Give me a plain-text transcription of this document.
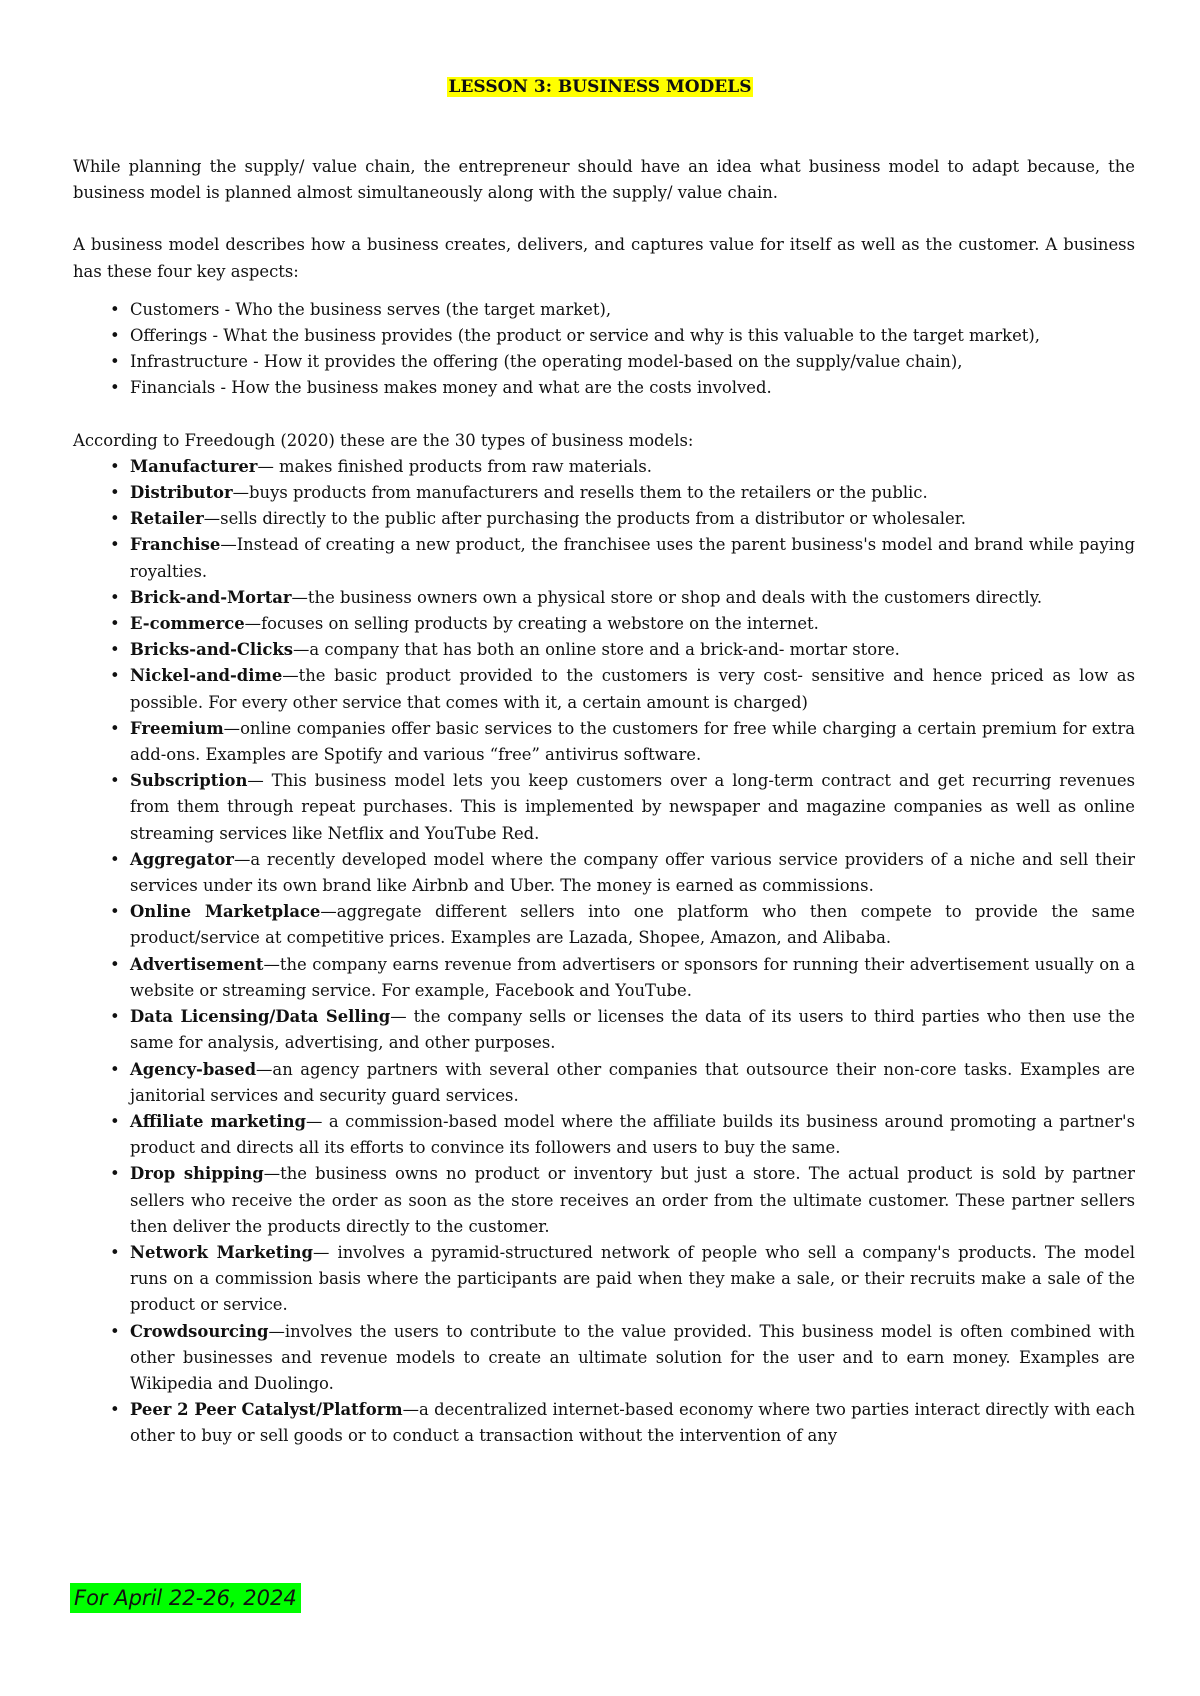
LESSON 3: BUSINESS MODELS

While planning the supply/ value chain, the entrepreneur should have an idea what business model to adapt because, the business model is planned almost simultaneously along with the supply/ value chain.

A business model describes how a business creates, delivers, and captures value for itself as well as the customer. A business has these four key aspects:

• Customers - Who the business serves (the target market),
• Offerings - What the business provides (the product or service and why is this valuable to the target market),
• Infrastructure - How it provides the offering (the operating model-based on the supply/value chain),
• Financials - How the business makes money and what are the costs involved.

According to Freedough (2020) these are the 30 types of business models:

• Manufacturer— makes finished products from raw materials.
• Distributor—buys products from manufacturers and resells them to the retailers or the public.
• Retailer—sells directly to the public after purchasing the products from a distributor or wholesaler.
• Franchise—Instead of creating a new product, the franchisee uses the parent business's model and brand while paying royalties.
• Brick-and-Mortar—the business owners own a physical store or shop and deals with the customers directly.
• E-commerce—focuses on selling products by creating a webstore on the internet.
• Bricks-and-Clicks—a company that has both an online store and a brick-and- mortar store.
• Nickel-and-dime—the basic product provided to the customers is very cost- sensitive and hence priced as low as possible. For every other service that comes with it, a certain amount is charged)
• Freemium—online companies offer basic services to the customers for free while charging a certain premium for extra add-ons. Examples are Spotify and various “free” antivirus software.
• Subscription— This business model lets you keep customers over a long-term contract and get recurring revenues from them through repeat purchases. This is implemented by newspaper and magazine companies as well as online streaming services like Netflix and YouTube Red.
• Aggregator—a recently developed model where the company offer various service providers of a niche and sell their services under its own brand like Airbnb and Uber. The money is earned as commissions.
• Online Marketplace—aggregate different sellers into one platform who then compete to provide the same product/service at competitive prices. Examples are Lazada, Shopee, Amazon, and Alibaba.
• Advertisement—the company earns revenue from advertisers or sponsors for running their advertisement usually on a website or streaming service. For example, Facebook and YouTube.
• Data Licensing/Data Selling— the company sells or licenses the data of its users to third parties who then use the same for analysis, advertising, and other purposes.
• Agency-based—an agency partners with several other companies that outsource their non-core tasks. Examples are janitorial services and security guard services.
• Affiliate marketing— a commission-based model where the affiliate builds its business around promoting a partner's product and directs all its efforts to convince its followers and users to buy the same.
• Drop shipping—the business owns no product or inventory but just a store. The actual product is sold by partner sellers who receive the order as soon as the store receives an order from the ultimate customer. These partner sellers then deliver the products directly to the customer.
• Network Marketing— involves a pyramid-structured network of people who sell a company's products. The model runs on a commission basis where the participants are paid when they make a sale, or their recruits make a sale of the product or service.
• Crowdsourcing—involves the users to contribute to the value provided. This business model is often combined with other businesses and revenue models to create an ultimate solution for the user and to earn money. Examples are Wikipedia and Duolingo.
• Peer 2 Peer Catalyst/Platform—a decentralized internet-based economy where two parties interact directly with each other to buy or sell goods or to conduct a transaction without the intervention of any
For April 22-26, 2024
